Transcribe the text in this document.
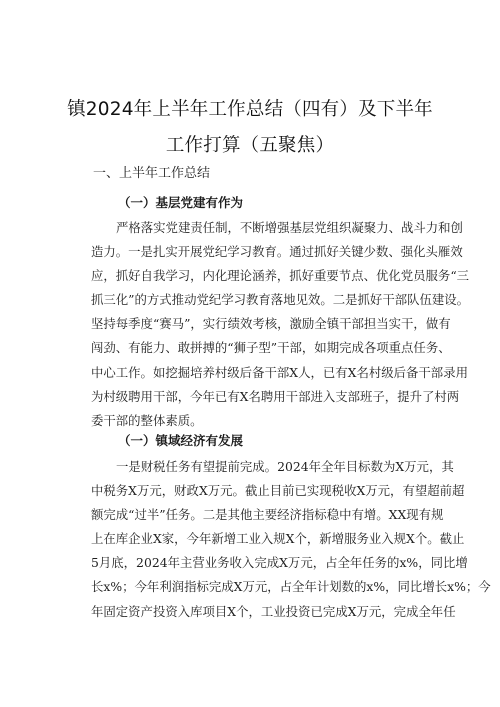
镇2024年上半年工作总结（四有）及下半年
工作打算（五聚焦）
一、上半年工作总结
（一）基层党建有作为
严格落实党建责任制，不断增强基层党组织凝聚力、战斗力和创
造力。一是扎实开展党纪学习教育。通过抓好关键少数、强化头雁效
应，抓好自我学习，内化理论涵养，抓好重要节点、优化党员服务“三
抓三化”的方式推动党纪学习教育落地见效。二是抓好干部队伍建设。
坚持每季度“赛马”，实行绩效考核，激励全镇干部担当实干，做有
闯劲、有能力、敢拼搏的“狮子型”干部，如期完成各项重点任务、
中心工作。如挖掘培养村级后备干部X人，已有X名村级后备干部录用
为村级聘用干部，今年已有X名聘用干部进入支部班子，提升了村两
委干部的整体素质。
（一）镇域经济有发展
一是财税任务有望提前完成。2024年全年目标数为X万元，其
中税务X万元，财政X万元。截止目前已实现税收X万元，有望超前超
额完成“过半”任务。二是其他主要经济指标稳中有增。XX现有规
上在库企业X家，今年新增工业入规X个，新增服务业入规X个。截止
5月底，2024年主营业务收入完成X万元，占全年任务的x%，同比增
长x%；今年利润指标完成X万元，占全年计划数的x%，同比增长x%；今
年固定资产投资入库项目X个，工业投资已完成X万元，完成全年任
